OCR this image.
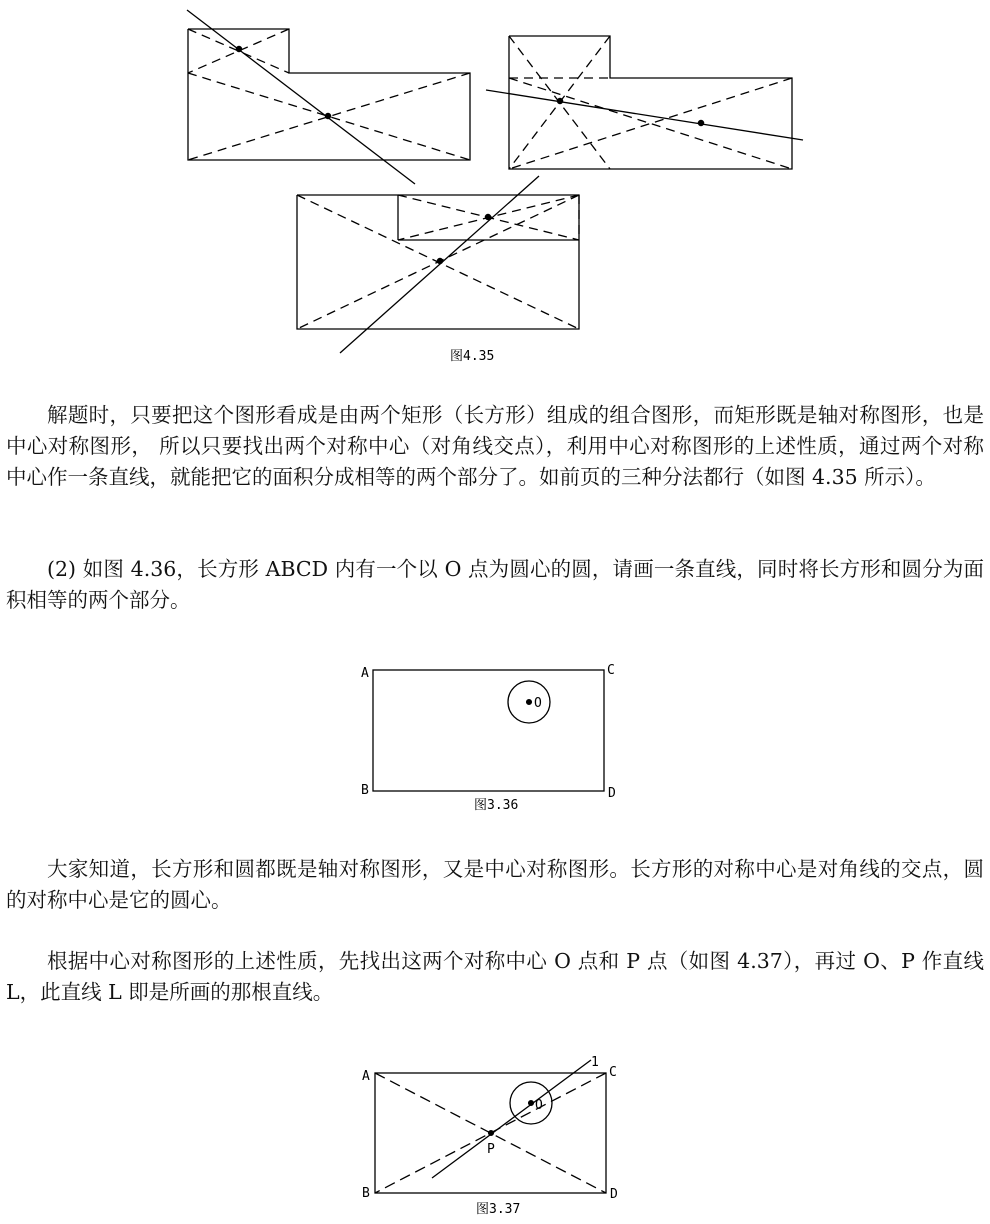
图4.35

解题时，只要把这个图形看成是由两个矩形（长方形）组成的组合图形，而矩形既是轴对称图形，也是中心对称图形， 所以只要找出两个对称中心（对角线交点），利用中心对称图形的上述性质，通过两个对称中心作一条直线，就能把它的面积分成相等的两个部分了。如前页的三种分法都行（如图 4.35 所示）。

(2) 如图 4.36，长方形 ABCD 内有一个以 O 点为圆心的圆，请画一条直线，同时将长方形和圆分为面积相等的两个部分。

A	C
B	D
O
图3.36

大家知道，长方形和圆都既是轴对称图形，又是中心对称图形。长方形的对称中心是对角线的交点，圆的对称中心是它的圆心。

根据中心对称图形的上述性质，先找出这两个对称中心 O 点和 P 点（如图 4.37），再过 O、P 作直线 L，此直线 L 即是所画的那根直线。

A	C
1
O
P
B	D
图3.37
